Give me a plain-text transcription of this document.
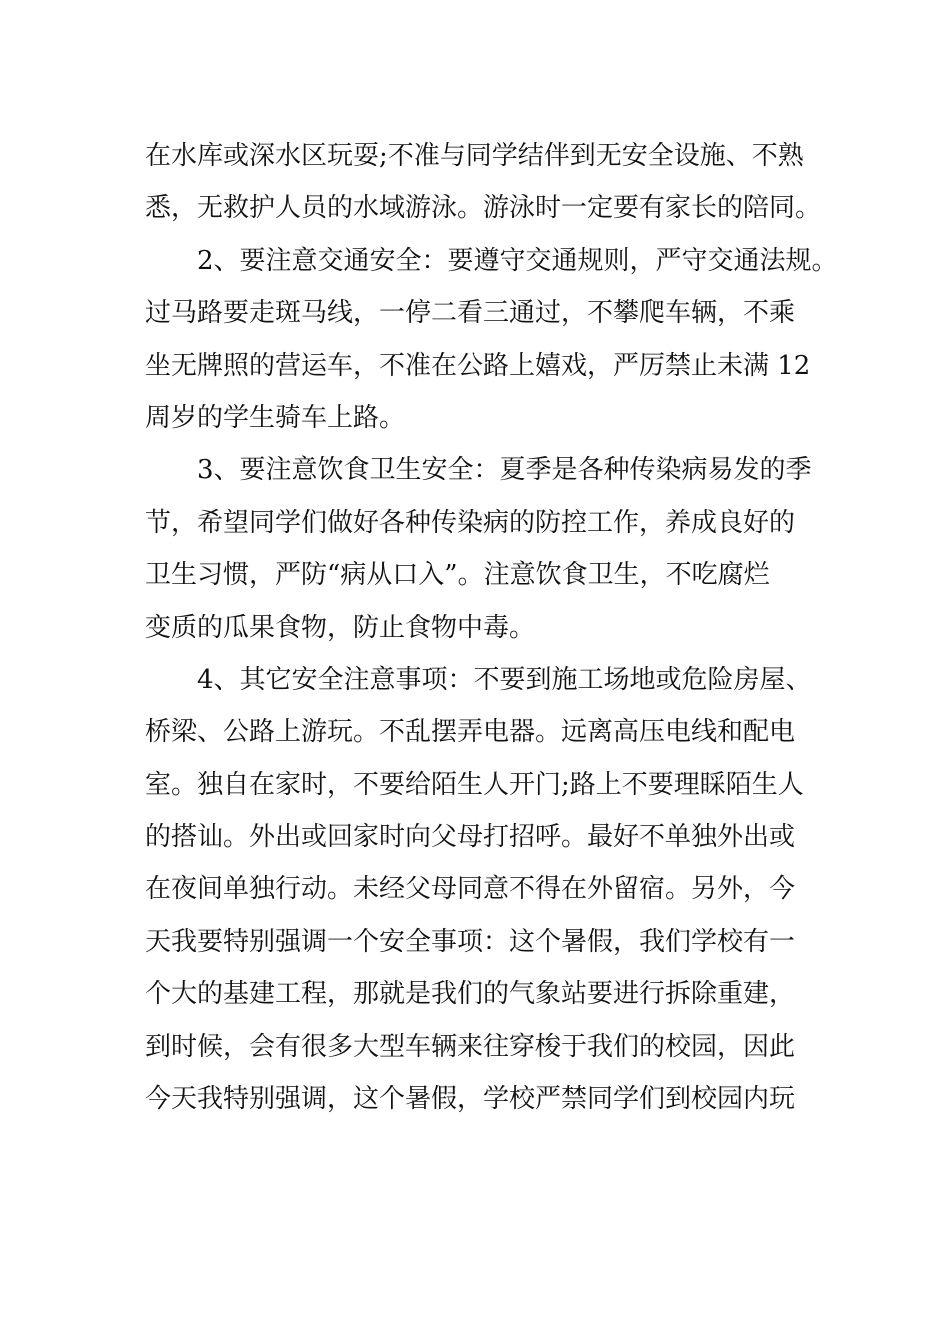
在水库或深水区玩耍;不准与同学结伴到无安全设施、不熟

悉，无救护人员的水域游泳。游泳时一定要有家长的陪同。

2、要注意交通安全：要遵守交通规则，严守交通法规。

过马路要走斑马线，一停二看三通过，不攀爬车辆，不乘

坐无牌照的营运车，不准在公路上嬉戏，严厉禁止未满 12

周岁的学生骑车上路。

3、要注意饮食卫生安全：夏季是各种传染病易发的季

节，希望同学们做好各种传染病的防控工作，养成良好的

卫生习惯，严防“病从口入”。注意饮食卫生，不吃腐烂

变质的瓜果食物，防止食物中毒。

4、其它安全注意事项：不要到施工场地或危险房屋、

桥梁、公路上游玩。不乱摆弄电器。远离高压电线和配电

室。独自在家时，不要给陌生人开门;路上不要理睬陌生人

的搭讪。外出或回家时向父母打招呼。最好不单独外出或

在夜间单独行动。未经父母同意不得在外留宿。另外，今

天我要特别强调一个安全事项：这个暑假，我们学校有一

个大的基建工程，那就是我们的气象站要进行拆除重建，

到时候，会有很多大型车辆来往穿梭于我们的校园，因此

今天我特别强调，这个暑假，学校严禁同学们到校园内玩
